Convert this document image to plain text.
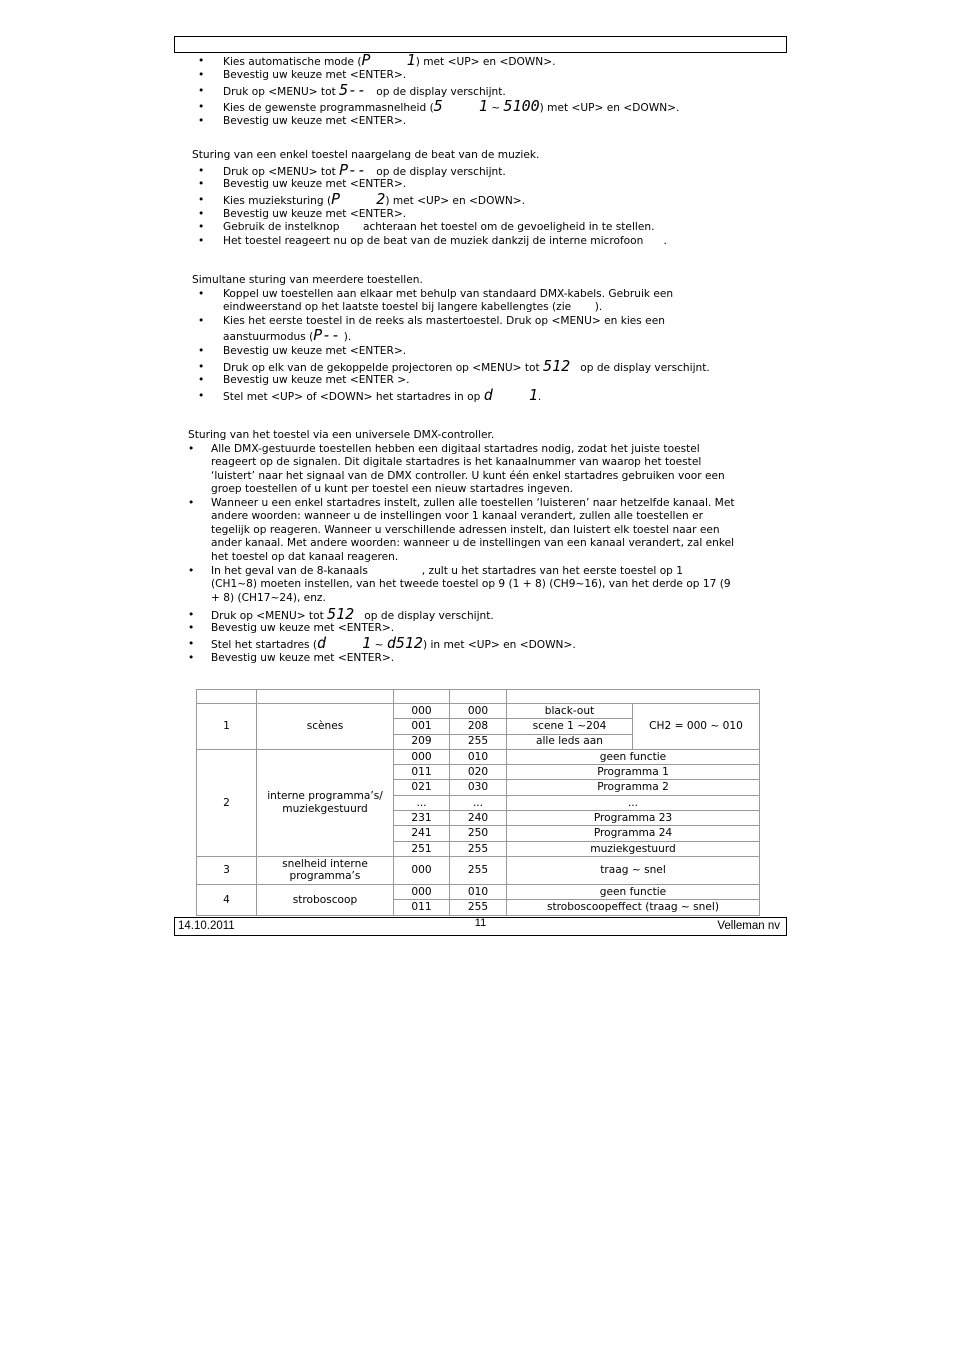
• Kies automatische mode (P    1) met <UP> en <DOWN>.
• Bevestig uw keuze met <ENTER>.
• Druk op <MENU> tot 5--   op de display verschijnt.
• Kies de gewenste programmasnelheid (5    1 ~ 5100) met <UP> en <DOWN>.
• Bevestig uw keuze met <ENTER>.
Sturing van een enkel toestel naargelang de beat van de muziek.
• Druk op <MENU> tot P--   op de display verschijnt.
• Bevestig uw keuze met <ENTER>.
• Kies muzieksturing (P    2) met <UP> en <DOWN>.
• Bevestig uw keuze met <ENTER>.
• Gebruik de instelknop       achteraan het toestel om de gevoeligheid in te stellen.
• Het toestel reageert nu op de beat van de muziek dankzij de interne microfoon      .
Simultane sturing van meerdere toestellen.
• Koppel uw toestellen aan elkaar met behulp van standaard DMX-kabels. Gebruik een
eindweerstand op het laatste toestel bij langere kabellengtes (zie       ).
• Kies het eerste toestel in de reeks als mastertoestel. Druk op <MENU> en kies een
aanstuurmodus (P-- ).
• Bevestig uw keuze met <ENTER>.
• Druk op elk van de gekoppelde projectoren op <MENU> tot 512   op de display verschijnt.
• Bevestig uw keuze met <ENTER >.
• Stel met <UP> of <DOWN> het startadres in op d    1.
Sturing van het toestel via een universele DMX-controller.
• Alle DMX-gestuurde toestellen hebben een digitaal startadres nodig, zodat het juiste toestel
reageert op de signalen. Dit digitale startadres is het kanaalnummer van waarop het toestel
‘luistert’ naar het signaal van de DMX controller. U kunt één enkel startadres gebruiken voor een
groep toestellen of u kunt per toestel een nieuw startadres ingeven.
• Wanneer u een enkel startadres instelt, zullen alle toestellen ‘luisteren’ naar hetzelfde kanaal. Met
andere woorden: wanneer u de instellingen voor 1 kanaal verandert, zullen alle toestellen er
tegelijk op reageren. Wanneer u verschillende adressen instelt, dan luistert elk toestel naar een
ander kanaal. Met andere woorden: wanneer u de instellingen van een kanaal verandert, zal enkel
het toestel op dat kanaal reageren.
• In het geval van de 8-kanaals                , zult u het startadres van het eerste toestel op 1
(CH1~8) moeten instellen, van het tweede toestel op 9 (1 + 8) (CH9~16), van het derde op 17 (9
+ 8) (CH17~24), enz.
• Druk op <MENU> tot 512   op de display verschijnt.
• Bevestig uw keuze met <ENTER>.
• Stel het startadres (d    1 ~ d512) in met <UP> en <DOWN>.
• Bevestig uw keuze met <ENTER>.

1	scènes	000	000	black-out	CH2 = 000 ~ 010
		001	208	scene 1 ~204	
		209	255	alle leds aan	
2	interne programma’s/ muziekgestuurd	000	010	geen functie	
		011	020	Programma 1	
		021	030	Programma 2	
		...	...	...	
		231	240	Programma 23	
		241	250	Programma 24	
		251	255	muziekgestuurd	
3	snelheid interne programma’s	000	255	traag ~ snel	
4	stroboscoop	000	010	geen functie	
		011	255	stroboscoopeffect (traag ~ snel)	
14.10.2011	11	Velleman nv
